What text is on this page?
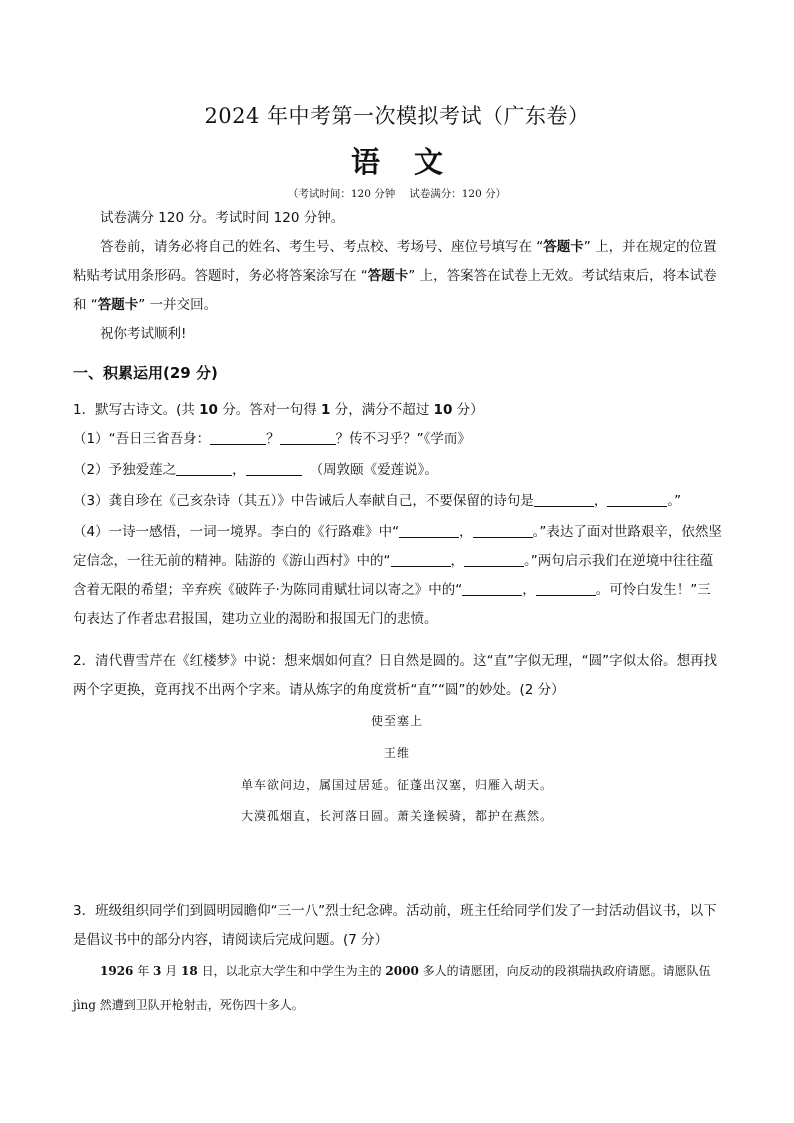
2024 年中考第一次模拟考试（广东卷）
语文
（考试时间：120 分钟 试卷满分：120 分）
试卷满分 120 分。考试时间 120 分钟。
答卷前，请务必将自己的姓名、考生号、考点校、考场号、座位号填写在 “答题卡” 上，并在规定的位置粘贴考试用条形码。答题时，务必将答案涂写在 “答题卡” 上，答案答在试卷上无效。考试结束后，将本试卷和 “答题卡” 一并交回。
祝你考试顺利!
一、积累运用(29 分)
1．默写古诗文。(共 10 分。答对一句得 1 分，满分不超过 10 分）
（1）“吾日三省吾身：	？	？传不习乎？”《学而》
（2）予独爱莲之	，	（周敦颐《爱莲说》。
（3）龚自珍在《己亥杂诗（其五）》中告诫后人奉献自己，不要保留的诗句是	，	。”
（4）一诗一感悟，一词一境界。李白的《行路难》中“	，	。”表达了面对世路艰辛，依然坚定信念，一往无前的精神。陆游的《游山西村》中的“	，	。”两句启示我们在逆境中往往蕴含着无限的希望；辛弃疾《破阵子·为陈同甫赋壮词以寄之》中的“	，	。可怜白发生！”三句表达了作者忠君报国，建功立业的渴盼和报国无门的悲愤。
2．清代曹雪芹在《红楼梦》中说：想来烟如何直？日自然是圆的。这“直”字似无理，“圆”字似太俗。想再找两个字更换，竟再找不出两个字来。请从炼字的角度赏析“直”“圆”的妙处。(2 分）
使至塞上
王维
单车欲问边，属国过居延。征蓬出汉塞，归雁入胡天。
大漠孤烟直，长河落日圆。萧关逢候骑，都护在燕然。
3．班级组织同学们到圆明园瞻仰“三一八”烈士纪念碑。活动前，班主任给同学们发了一封活动倡议书，以下是倡议书中的部分内容，请阅读后完成问题。(7 分）
1926 年 3 月 18 日，以北京大学生和中学生为主的 2000 多人的请愿团，向反动的段祺瑞执政府请愿。请愿队伍 jìng 然遭到卫队开枪射击，死伤四十多人。
